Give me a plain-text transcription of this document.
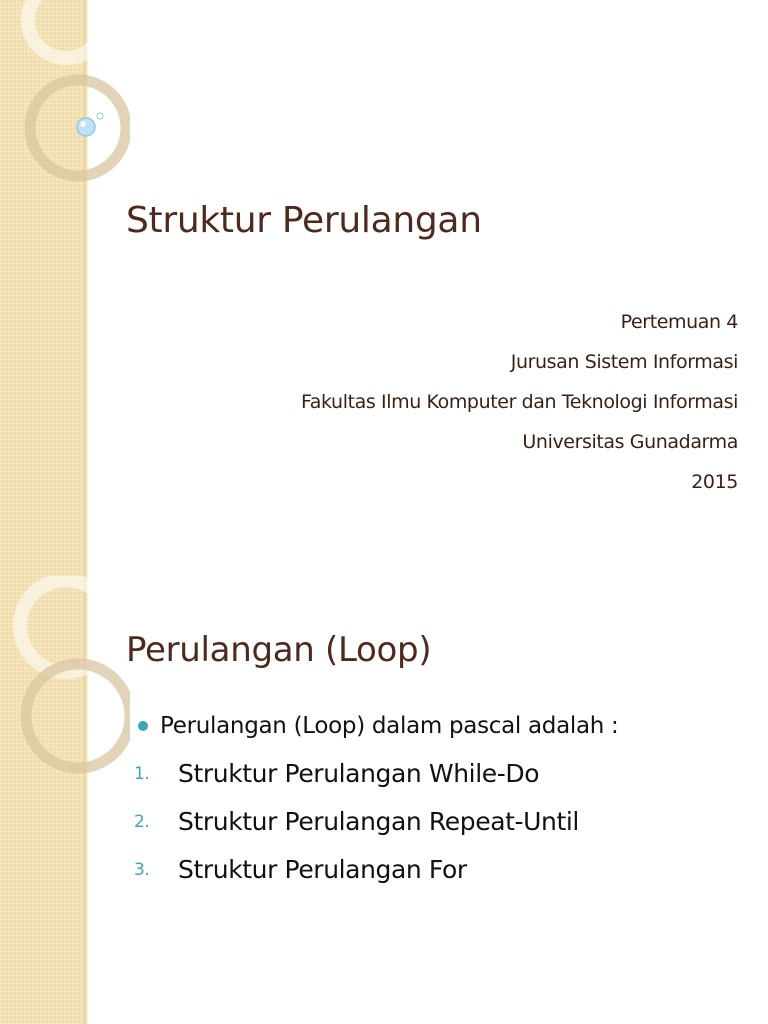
Struktur Perulangan
Pertemuan 4
Jurusan Sistem Informasi
Fakultas Ilmu Komputer dan Teknologi Informasi
Universitas Gunadarma
2015
Perulangan (Loop)
Perulangan (Loop) dalam pascal adalah :
1. Struktur Perulangan While-Do
2. Struktur Perulangan Repeat-Until
3. Struktur Perulangan For
